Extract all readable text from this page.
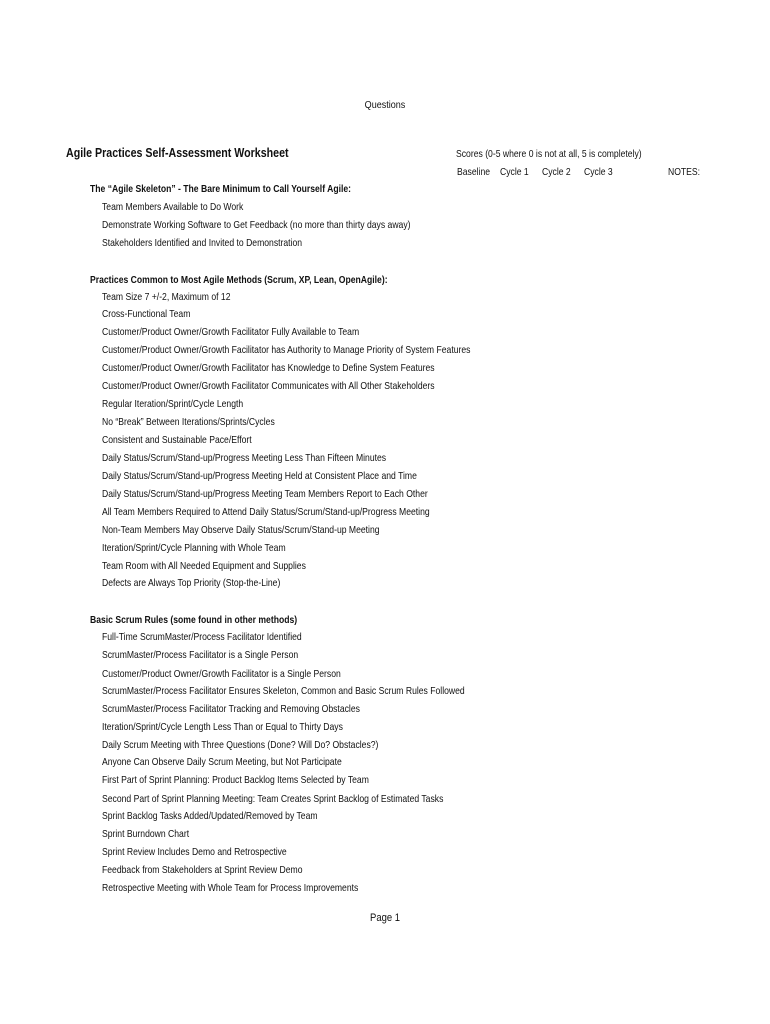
Questions
Agile Practices Self-Assessment Worksheet	Scores (0-5 where 0 is not at all, 5 is completely)
Baseline Cycle 1 Cycle 2 Cycle 3	NOTES:
The “Agile Skeleton” - The Bare Minimum to Call Yourself Agile:
Team Members Available to Do Work
Demonstrate Working Software to Get Feedback (no more than thirty days away)
Stakeholders Identified and Invited to Demonstration
Practices Common to Most Agile Methods (Scrum, XP, Lean, OpenAgile):
Team Size 7 +/-2, Maximum of 12
Cross-Functional Team
Customer/Product Owner/Growth Facilitator Fully Available to Team
Customer/Product Owner/Growth Facilitator has Authority to Manage Priority of System Features
Customer/Product Owner/Growth Facilitator has Knowledge to Define System Features
Customer/Product Owner/Growth Facilitator Communicates with All Other Stakeholders
Regular Iteration/Sprint/Cycle Length
No “Break” Between Iterations/Sprints/Cycles
Consistent and Sustainable Pace/Effort
Daily Status/Scrum/Stand-up/Progress Meeting Less Than Fifteen Minutes
Daily Status/Scrum/Stand-up/Progress Meeting Held at Consistent Place and Time
Daily Status/Scrum/Stand-up/Progress Meeting Team Members Report to Each Other
All Team Members Required to Attend Daily Status/Scrum/Stand-up/Progress Meeting
Non-Team Members May Observe Daily Status/Scrum/Stand-up Meeting
Iteration/Sprint/Cycle Planning with Whole Team
Team Room with All Needed Equipment and Supplies
Defects are Always Top Priority (Stop-the-Line)
Basic Scrum Rules (some found in other methods)
Full-Time ScrumMaster/Process Facilitator Identified
ScrumMaster/Process Facilitator is a Single Person
Customer/Product Owner/Growth Facilitator is a Single Person
ScrumMaster/Process Facilitator Ensures Skeleton, Common and Basic Scrum Rules Followed
ScrumMaster/Process Facilitator Tracking and Removing Obstacles
Iteration/Sprint/Cycle Length Less Than or Equal to Thirty Days
Daily Scrum Meeting with Three Questions (Done? Will Do? Obstacles?)
Anyone Can Observe Daily Scrum Meeting, but Not Participate
First Part of Sprint Planning: Product Backlog Items Selected by Team
Second Part of Sprint Planning Meeting: Team Creates Sprint Backlog of Estimated Tasks
Sprint Backlog Tasks Added/Updated/Removed by Team
Sprint Burndown Chart
Sprint Review Includes Demo and Retrospective
Feedback from Stakeholders at Sprint Review Demo
Retrospective Meeting with Whole Team for Process Improvements
Page 1
